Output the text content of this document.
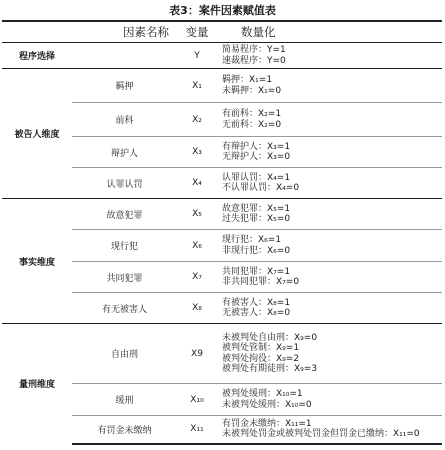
表3：案件因素赋值表
	因素名称	变量	数量化
程序选择		Y	简易程序：Y=1
速裁程序：Y=0

被告人维度	羁押	X₁	羁押：X₁=1
未羁押：X₁=0

	前科	X₂	有前科：X₂=1
无前科：X₂=0

	辩护人	X₃	有辩护人：X₃=1
无辩护人：X₃=0

	认罪认罚	X₄	认罪认罚：X₄=1
不认罪认罚：X₄=0

事实维度	故意犯罪	X₅	故意犯罪：X₅=1
过失犯罪：X₅=0

	现行犯	X₆	现行犯：X₆=1
非现行犯：X₆=0

	共同犯罪	X₇	共同犯罪：X₇=1
非共同犯罪：X₇=0

	有无被害人	X₈	有被害人：X₈=1
无被害人：X₈=0

量刑维度	自由刑	X9	未被判处自由刑：X₉=0
被判处管制：X₉=1
被判处拘役：X₉=2
被判处有期徒刑：X₉=3

	缓刑	X₁₀	被判处缓刑：X₁₀=1
未被判处缓刑：X₁₀=0

	有罚金未缴纳	X₁₁	有罚金未缴纳：X₁₁=1
未被判处罚金或被判处罚金但罚金已缴纳：X₁₁=0
